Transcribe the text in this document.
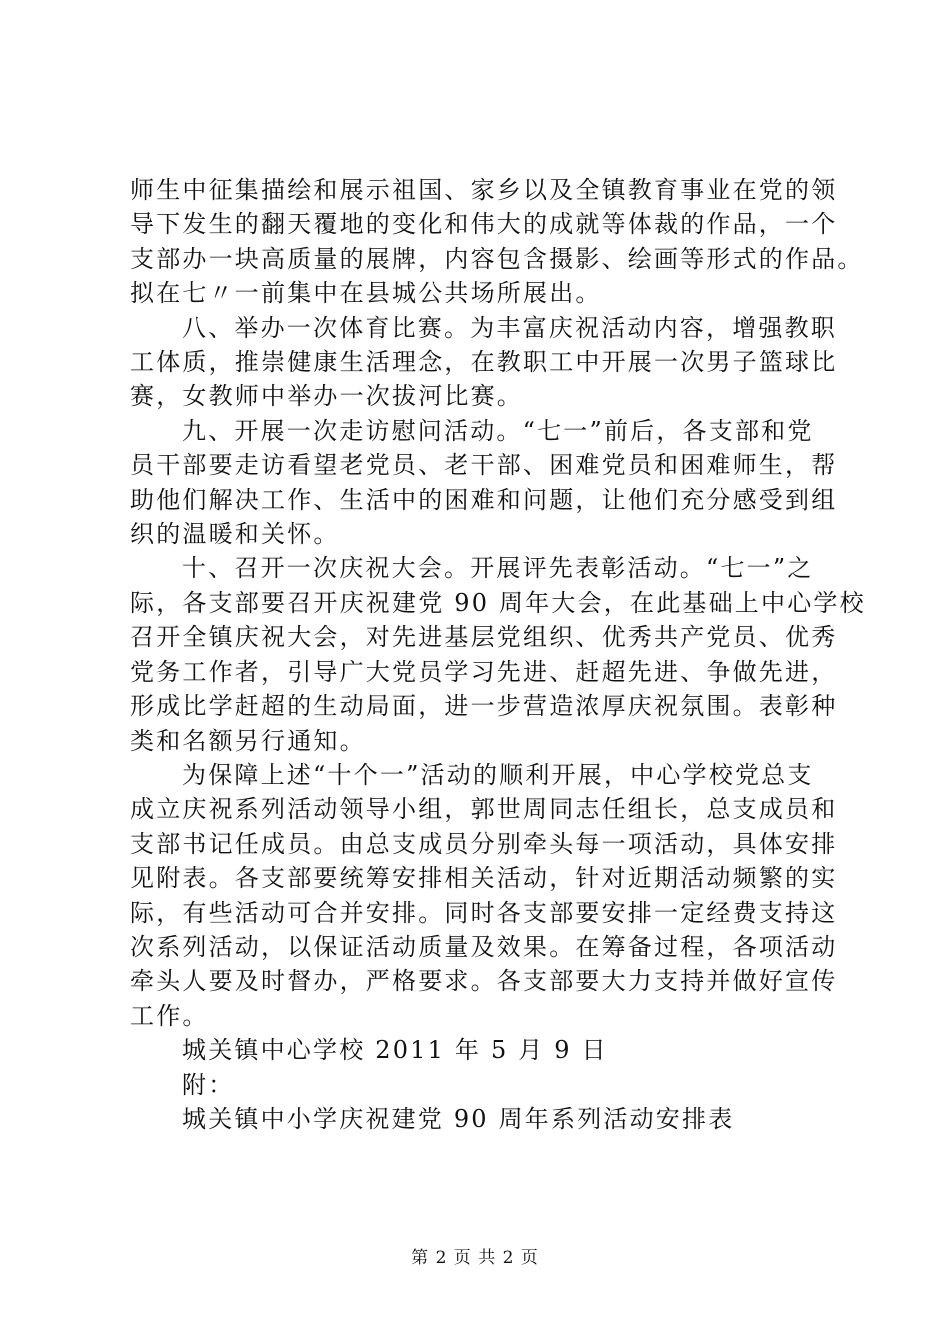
师生中征集描绘和展示祖国、家乡以及全镇教育事业在党的领

导下发生的翻天覆地的变化和伟大的成就等体裁的作品，一个

支部办一块高质量的展牌，内容包含摄影、绘画等形式的作品。

拟在七〃一前集中在县城公共场所展出。

八、举办一次体育比赛。为丰富庆祝活动内容，增强教职

工体质，推崇健康生活理念，在教职工中开展一次男子篮球比

赛，女教师中举办一次拔河比赛。

九、开展一次走访慰问活动。“七一”前后，各支部和党

员干部要走访看望老党员、老干部、困难党员和困难师生，帮

助他们解决工作、生活中的困难和问题，让他们充分感受到组

织的温暖和关怀。

十、召开一次庆祝大会。开展评先表彰活动。“七一”之

际，各支部要召开庆祝建党 90 周年大会，在此基础上中心学校

召开全镇庆祝大会，对先进基层党组织、优秀共产党员、优秀

党务工作者，引导广大党员学习先进、赶超先进、争做先进，

形成比学赶超的生动局面，进一步营造浓厚庆祝氛围。表彰种

类和名额另行通知。

为保障上述“十个一”活动的顺利开展，中心学校党总支

成立庆祝系列活动领导小组，郭世周同志任组长，总支成员和

支部书记任成员。由总支成员分别牵头每一项活动，具体安排

见附表。各支部要统筹安排相关活动，针对近期活动频繁的实

际，有些活动可合并安排。同时各支部要安排一定经费支持这

次系列活动，以保证活动质量及效果。在筹备过程，各项活动

牵头人要及时督办，严格要求。各支部要大力支持并做好宣传

工作。

城关镇中心学校 2011 年 5 月 9 日

附：

城关镇中小学庆祝建党 90 周年系列活动安排表

第 2 页 共 2 页
